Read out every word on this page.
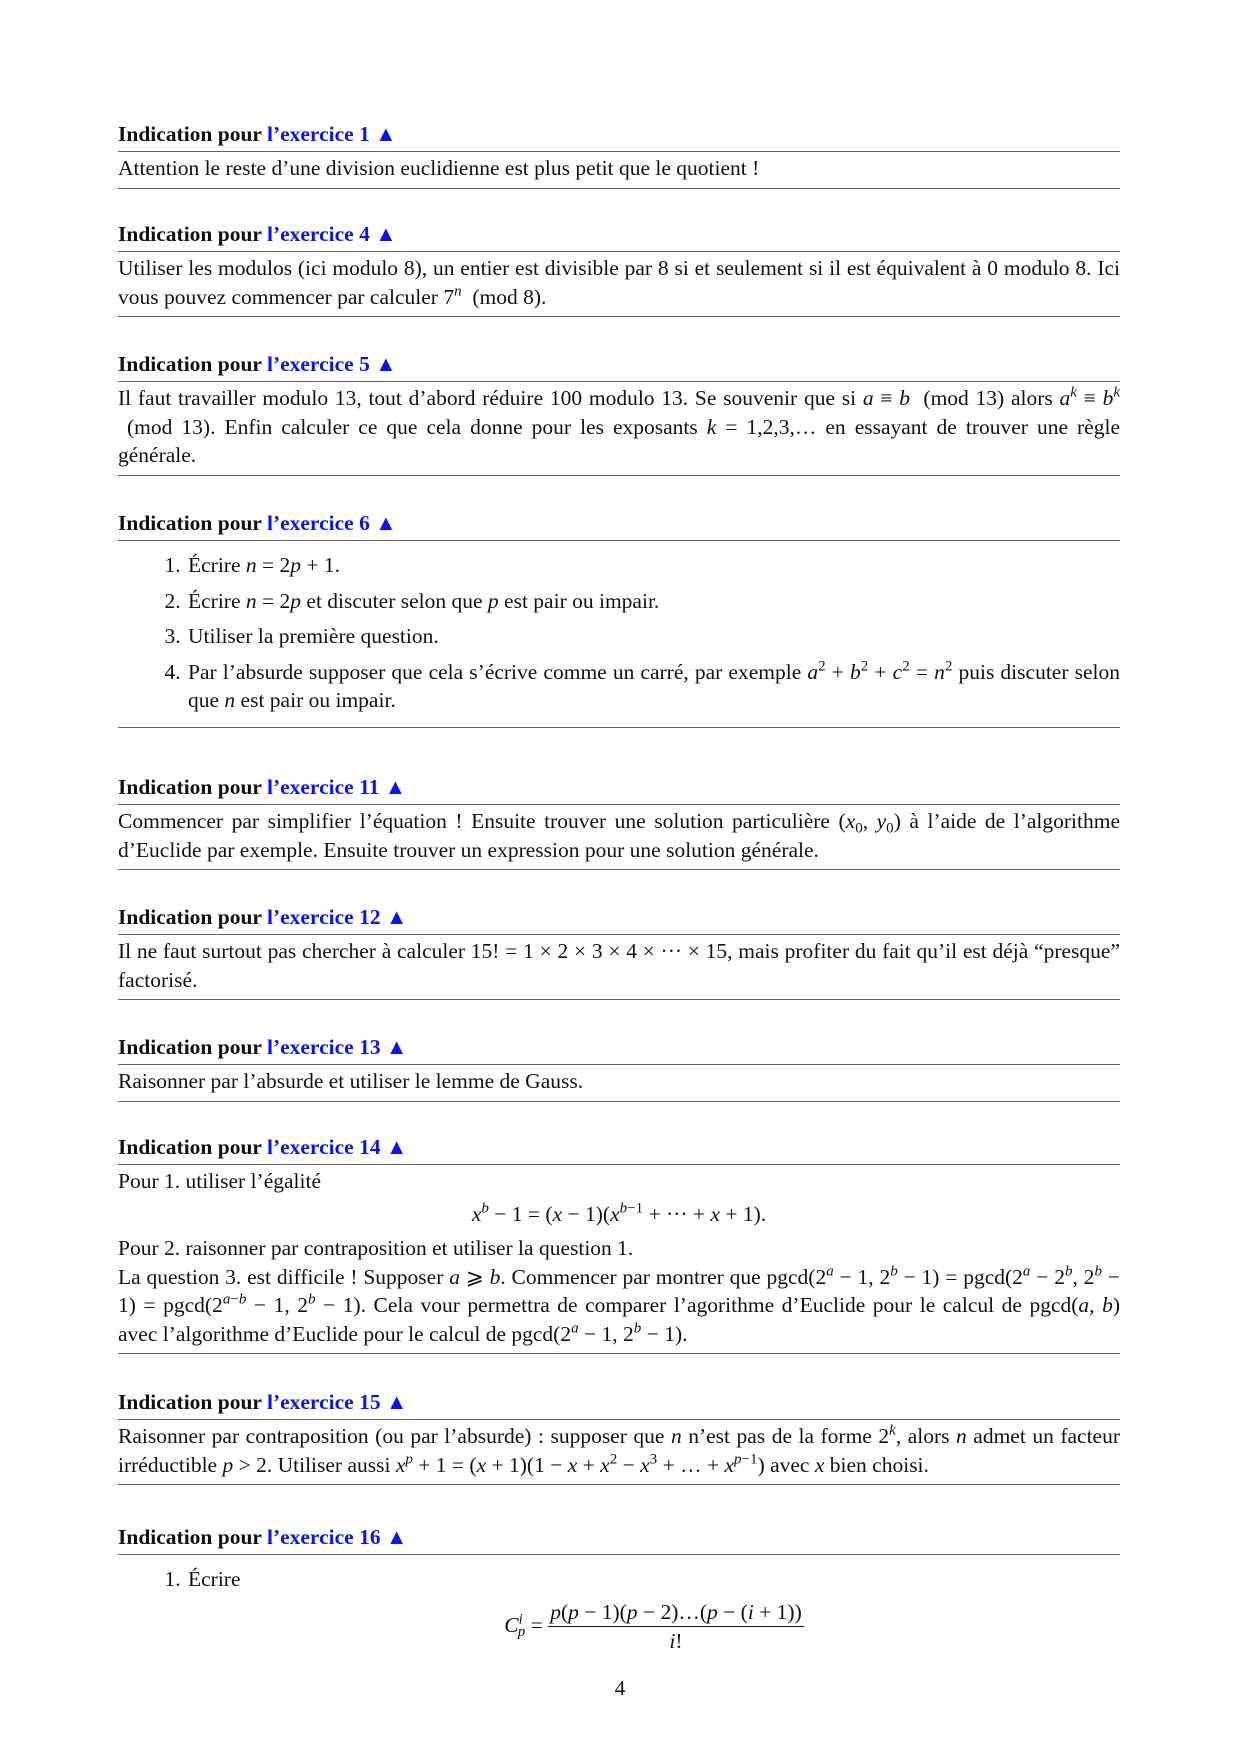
Indication pour l’exercice 1 ▲

Attention le reste d’une division euclidienne est plus petit que le quotient !

Indication pour l’exercice 4 ▲

Utiliser les modulos (ici modulo 8), un entier est divisible par 8 si et seulement si il est équivalent à 0 modulo 8. Ici vous pouvez commencer par calculer 7$^n$  (mod 8).

Indication pour l’exercice 5 ▲

Il faut travailler modulo 13, tout d’abord réduire 100 modulo 13. Se souvenir que si a ≡ b  (mod 13) alors $a^k \equiv b^k$  (mod 13). Enfin calculer ce que cela donne pour les exposants k = 1,2,3,… en essayant de trouver une règle générale.

Indication pour l’exercice 6 ▲
1. Écrire n = 2p + 1.
2. Écrire n = 2p et discuter selon que p est pair ou impair.
3. Utiliser la première question.
4. Par l’absurde supposer que cela s’écrive comme un carré, par exemple $a^2 + b^2 + c^2 = n^2$ puis discuter selon que n est pair ou impair.
Indication pour l’exercice 11 ▲

Commencer par simplifier l’équation ! Ensuite trouver une solution particulière ($x_0$, $y_0$) à l’aide de l’algorithme d’Euclide par exemple. Ensuite trouver un expression pour une solution générale.

Indication pour l’exercice 12 ▲

Il ne faut surtout pas chercher à calculer 15! = 1 × 2 × 3 × 4 × ··· × 15, mais profiter du fait qu’il est déjà “presque” factorisé.

Indication pour l’exercice 13 ▲

Raisonner par l’absurde et utiliser le lemme de Gauss.

Indication pour l’exercice 14 ▲

Pour 1. utiliser l’égalité

$x^b - 1 = (x - 1)(x^{b-1}$ + ··· + x + 1).

Pour 2. raisonner par contraposition et utiliser la question 1.

La question 3. est difficile ! Supposer a ⩾ b. Commencer par montrer que $pgcd(2^a - 1$, $2^b - 1) = pgcd(2^a - 2^b$, $2^b - 1) = pgcd(2^{a-b} - 1$, $2^b - 1$). Cela vour permettra de comparer l’agorithme d’Euclide pour le calcul de pgcd(a, b) avec l’algorithme d’Euclide pour le calcul de $pgcd(2^a - 1$, $2^b - 1$).

Indication pour l’exercice 15 ▲

Raisonner par contraposition (ou par l’absurde) : supposer que n n’est pas de la forme 2$^k$, alors n admet un facteur irréductible p > 2. Utiliser aussi $x^p + 1 = (x + 1)(1 - x + x^2 - x^3$ + … + $x^{p-1}$) avec x bien choisi.

Indication pour l’exercice 16 ▲
1. Écrire
$C^i_p = \frac{p(p - 1)(p - 2)\dots(p - (i + 1))}{i!}$
4
